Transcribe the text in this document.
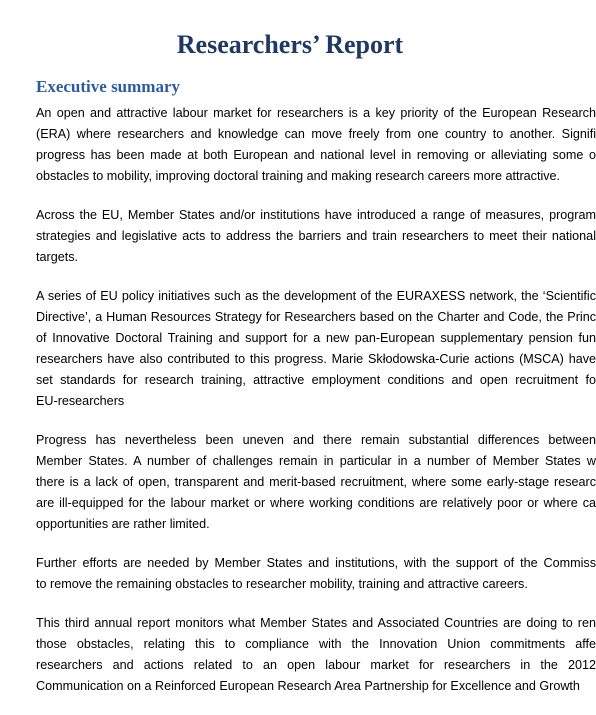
Researchers’ Report
Executive summary
An open and attractive labour market for researchers is a key priority of the European Research
(ERA) where researchers and knowledge can move freely from one country to another. Signifi
progress has been made at both European and national level in removing or alleviating some o
obstacles to mobility, improving doctoral training and making research careers more attractive.
Across the EU, Member States and/or institutions have introduced a range of measures, program
strategies and legislative acts to address the barriers and train researchers to meet their national
targets.
A series of EU policy initiatives such as the development of the EURAXESS network, the ‘Scientific
Directive’, a Human Resources Strategy for Researchers based on the Charter and Code, the Princ
of Innovative Doctoral Training and support for a new pan-European supplementary pension fun
researchers have also contributed to this progress. Marie Skłodowska-Curie actions (MSCA) have
set standards for research training, attractive employment conditions and open recruitment fo
EU-researchers
Progress has nevertheless been uneven and there remain substantial differences between
Member States. A number of challenges remain in particular in a number of Member States w
there is a lack of open, transparent and merit-based recruitment, where some early-stage researc
are ill-equipped for the labour market or where working conditions are relatively poor or where ca
opportunities are rather limited.
Further efforts are needed by Member States and institutions, with the support of the Commiss
to remove the remaining obstacles to researcher mobility, training and attractive careers.
This third annual report monitors what Member States and Associated Countries are doing to ren
those obstacles, relating this to compliance with the Innovation Union commitments affe
researchers and actions related to an open labour market for researchers in the 2012
Communication on a Reinforced European Research Area Partnership for Excellence and Growth
